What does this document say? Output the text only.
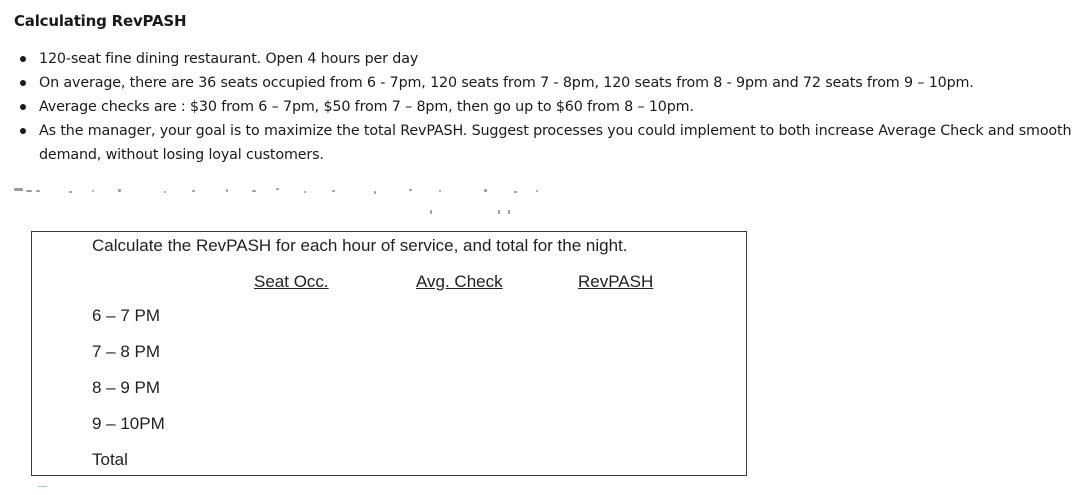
Calculating RevPASH
120-seat fine dining restaurant. Open 4 hours per day
On average, there are 36 seats occupied from 6 - 7pm, 120 seats from 7 - 8pm, 120 seats from 8 - 9pm and 72 seats from 9 – 10pm.
Average checks are : $30 from 6 – 7pm, $50 from 7 – 8pm, then go up to $60 from 8 – 10pm.
As the manager, your goal is to maximize the total RevPASH. Suggest processes you could implement to both increase Average Check and smooth demand, without losing loyal customers.
Calculate the RevPASH for each hour of service, and total for the night.
Seat Occ.	Avg. Check	RevPASH
6 – 7 PM
7 – 8 PM
8 – 9 PM
9 – 10PM
Total
